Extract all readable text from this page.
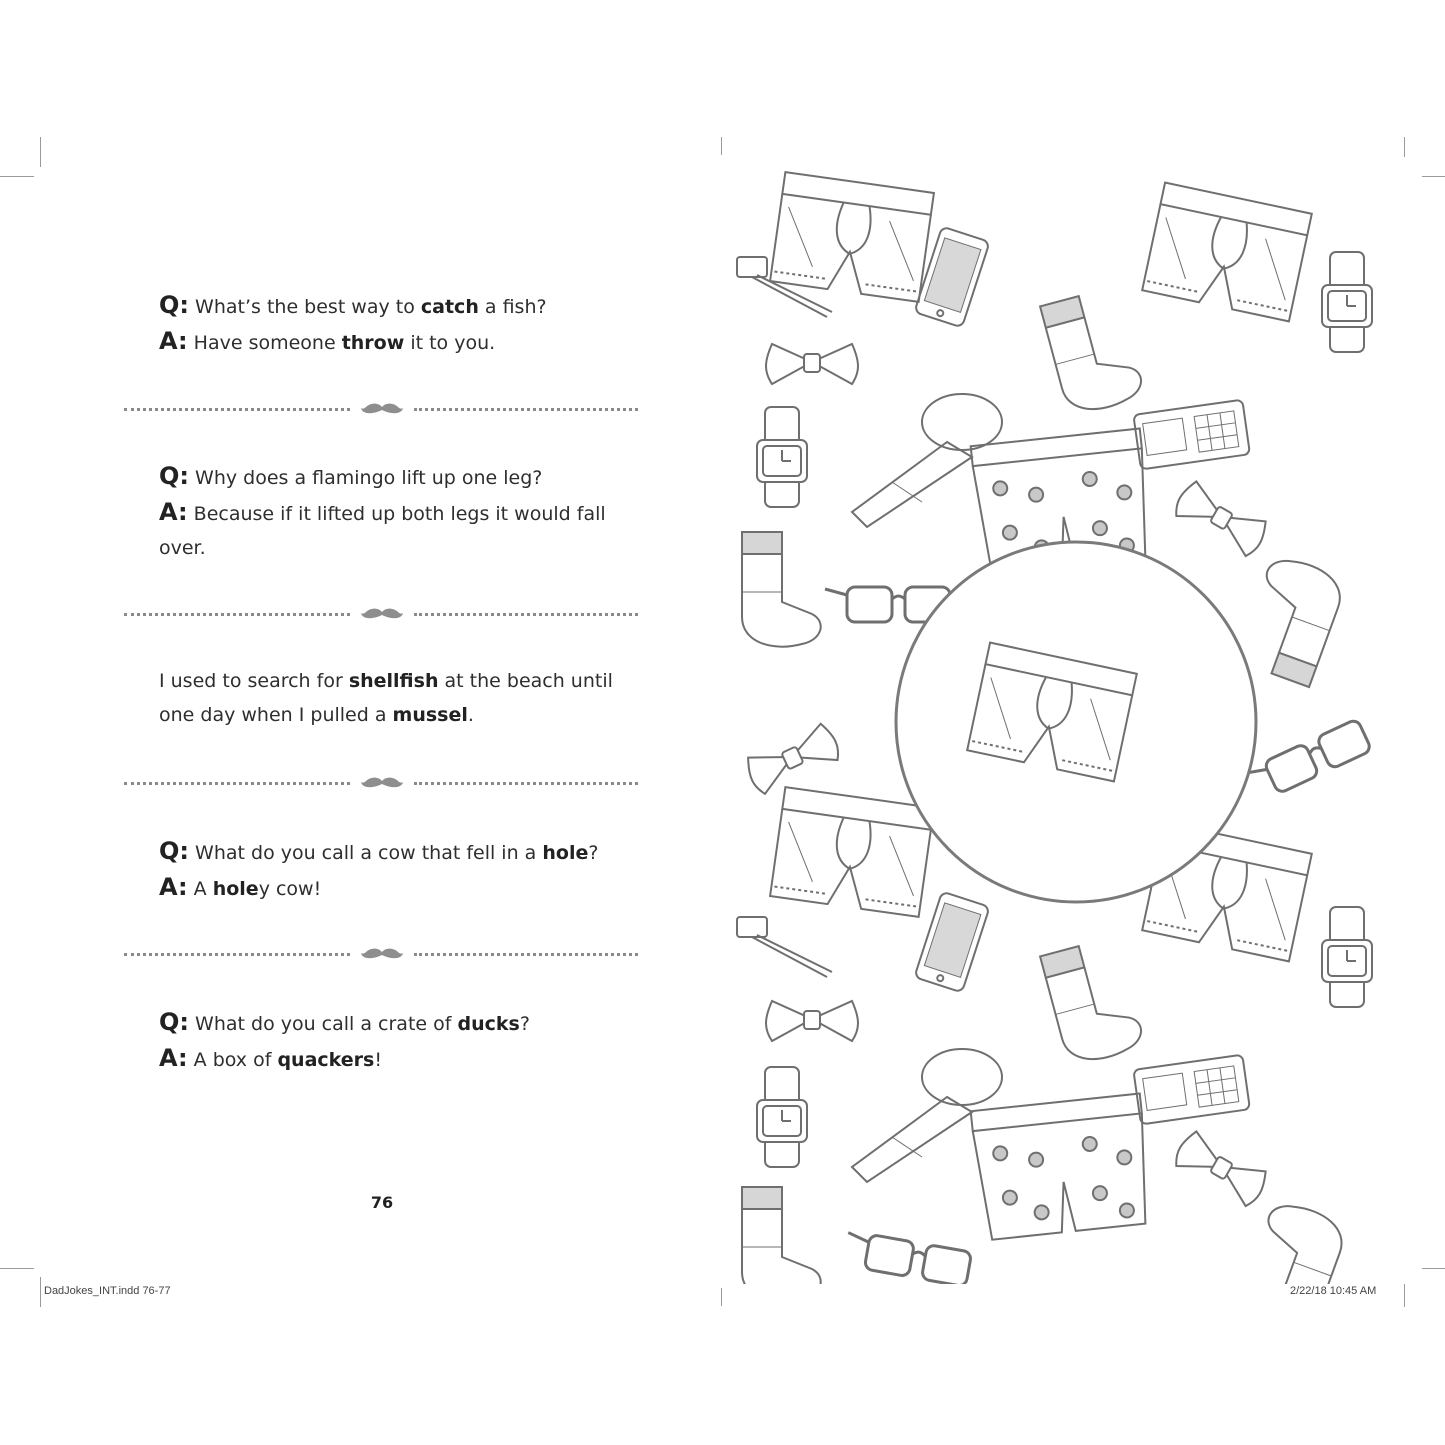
Q: What’s the best way to catch a fish?

A: Have someone throw it to you.

Q: Why does a flamingo lift up one leg?

A: Because if it lifted up both legs it would fall over.

I used to search for shellfish at the beach until one day when I pulled a mussel.

Q: What do you call a cow that fell in a hole?

A: A holey cow!

Q: What do you call a crate of ducks?

A: A box of quackers!

76
DadJokes_INT.indd 76-77	2/22/18 10:45 AM
